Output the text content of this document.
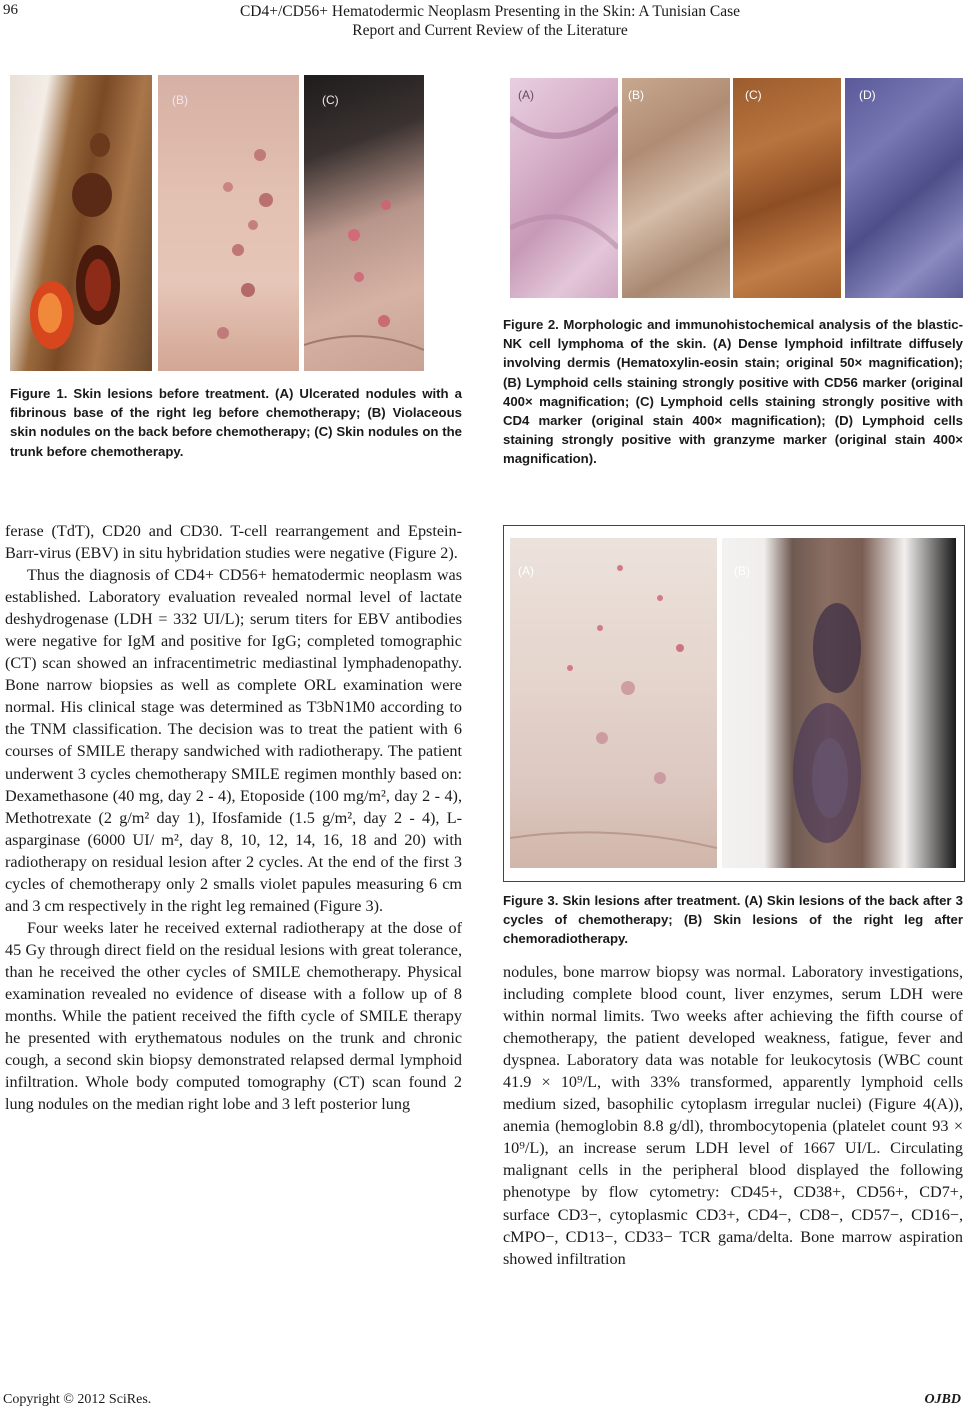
96	CD4+/CD56+ Hematodermic Neoplasm Presenting in the Skin: A Tunisian Case
Report and Current Review of the Literature
(A)	(B)	(C)
Figure 1. Skin lesions before treatment. (A) Ulcerated nodules with a fibrinous base of the right leg before chemotherapy; (B) Violaceous skin nodules on the back before chemotherapy; (C) Skin nodules on the trunk before chemotherapy.

ferase (TdT), CD20 and CD30. T-cell rearrangement and Epstein-Barr-virus (EBV) in situ hybridation studies were negative (Figure 2).

Thus the diagnosis of CD4+ CD56+ hematodermic neoplasm was established. Laboratory evaluation revealed normal level of lactate deshydrogenase (LDH = 332 UI/L); serum titers for EBV antibodies were negative for IgM and positive for IgG; completed tomographic (CT) scan showed an infracentimetric mediastinal lymphadenopathy. Bone narrow biopsies as well as complete ORL examination were normal. His clinical stage was determined as T3bN1M0 according to the TNM classification. The decision was to treat the patient with 6 courses of SMILE therapy sandwiched with radiotherapy. The patient underwent 3 cycles chemotherapy SMILE regimen monthly based on: Dexamethasone (40 mg, day 2 - 4), Etoposide (100 mg/m², day 2 - 4), Methotrexate (2 g/m² day 1), Ifosfamide (1.5 g/m², day 2 - 4), L-asparginase (6000 UI/ m², day 8, 10, 12, 14, 16, 18 and 20) with radiotherapy on residual lesion after 2 cycles. At the end of the first 3 cycles of chemotherapy only 2 smalls violet papules measuring 6 cm and 3 cm respectively in the right leg remained (Figure 3).

Four weeks later he received external radiotherapy at the dose of 45 Gy through direct field on the residual lesions with great tolerance, than he received the other cycles of SMILE chemotherapy. Physical examination revealed no evidence of disease with a follow up of 8 months. While the patient received the fifth cycle of SMILE therapy he presented with erythematous nodules on the trunk and chronic cough, a second skin biopsy demonstrated relapsed dermal lymphoid infiltration. Whole body computed tomography (CT) scan found 2 lung nodules on the median right lobe and 3 left posterior lung

(A)	(B)	(C)	(D)
Figure 2. Morphologic and immunohistochemical analysis of the blastic-NK cell lymphoma of the skin. (A) Dense lymphoid infiltrate diffusely involving dermis (Hematoxylin-eosin stain; original 50× magnification); (B) Lymphoid cells staining strongly positive with CD56 marker (original 400× magnification; (C) Lymphoid cells staining strongly positive with CD4 marker (original stain 400× magnification); (D) Lymphoid cells staining strongly positive with granzyme marker (original stain 400× magnification).
(A)	(B)
Figure 3. Skin lesions after treatment. (A) Skin lesions of the back after 3 cycles of chemotherapy; (B) Skin lesions of the right leg after chemoradiotherapy.

nodules, bone marrow biopsy was normal. Laboratory investigations, including complete blood count, liver enzymes, serum LDH were within normal limits. Two weeks after achieving the fifth course of chemotherapy, the patient developed weakness, fatigue, fever and dyspnea. Laboratory data was notable for leukocytosis (WBC count 41.9 × 10⁹/L, with 33% transformed, apparently lymphoid cells medium sized, basophilic cytoplasm irregular nuclei) (Figure 4(A)), anemia (hemoglobin 8.8 g/dl), thrombocytopenia (platelet count 93 × 10⁹/L), an increase serum LDH level of 1667 UI/L. Circulating malignant cells in the peripheral blood displayed the following phenotype by flow cytometry: CD45+, CD38+, CD56+, CD7+, surface CD3−, cytoplasmic CD3+, CD4−, CD8−, CD57−, CD16−, cMPO−, CD13−, CD33− TCR gama/delta. Bone marrow aspiration showed infiltration

Copyright © 2012 SciRes.	OJBD
